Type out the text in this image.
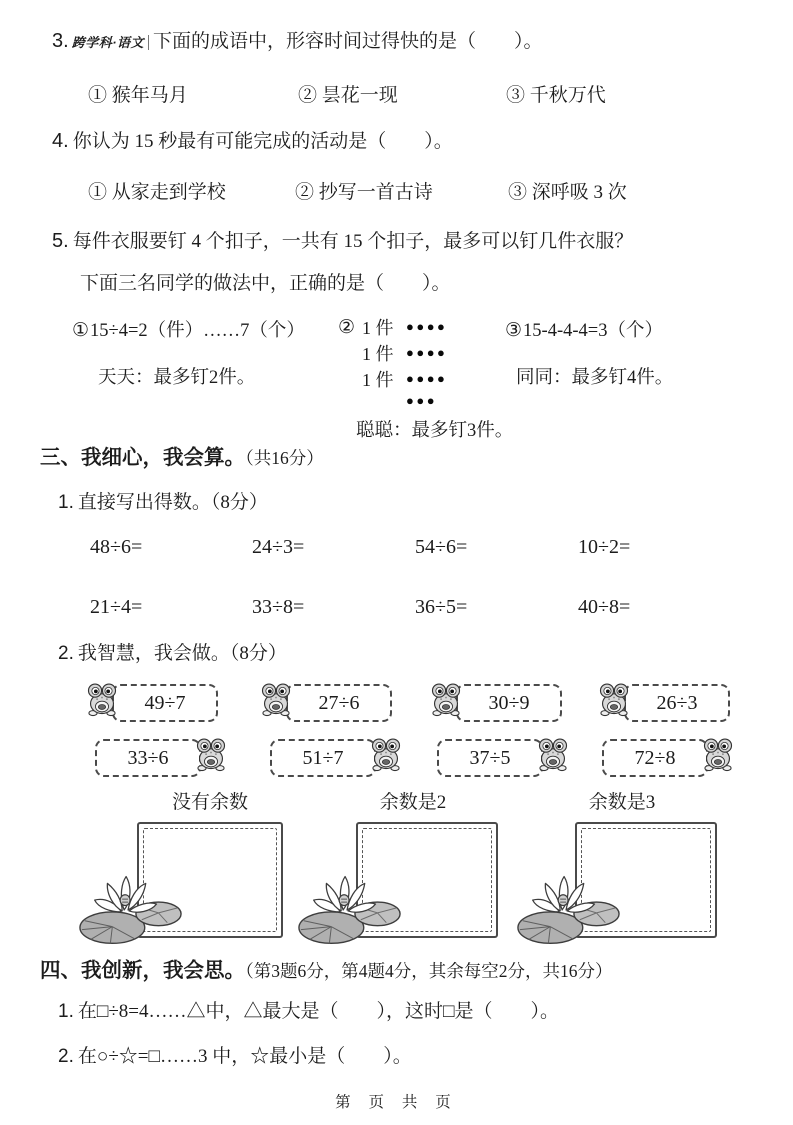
3. 跨学科·语文 下面的成语中，形容时间过得快的是（　　）。
① 猴年马月	② 昙花一现	③ 千秋万代
4. 你认为 15 秒最有可能完成的活动是（　　）。
① 从家走到学校	② 抄写一首古诗	③ 深呼吸 3 次
5. 每件衣服要钉 4 个扣子，一共有 15 个扣子，最多可以钉几件衣服？
下面三名同学的做法中，正确的是（　　）。
①15÷4=2（件）……7（个）
天天：最多钉2件。
② 1 件 ●●●●
1 件 ●●●●
1 件 ●●●●
●●●
聪聪：最多钉3件。
③15-4-4-4=3（个）
同同：最多钉4件。
三、我细心，我会算。（共16分）
1. 直接写出得数。（8分）
48÷6=	24÷3=	54÷6=	10÷2=
21÷4=	33÷8=	36÷5=	40÷8=
2. 我智慧，我会做。（8分）
49÷7	27÷6	30÷9	26÷3
33÷6	51÷7	37÷5	72÷8
没有余数	余数是2	余数是3
四、我创新，我会思。（第3题6分，第4题4分，其余每空2分，共16分）
1. 在□÷8=4……△中，△最大是（　　），这时□是（　　）。
2. 在○÷☆=□……3 中，☆最小是（　　）。
第 页 共 页
